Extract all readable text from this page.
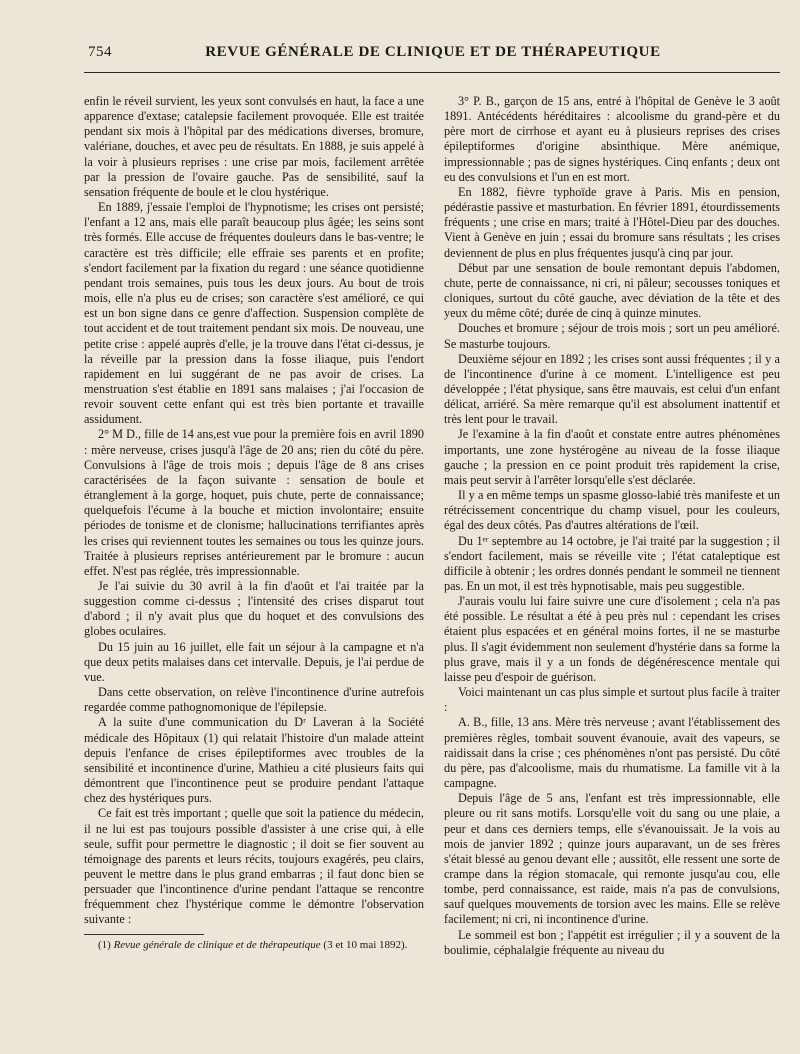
754	REVUE GÉNÉRALE DE CLINIQUE ET DE THÉRAPEUTIQUE

enfin le réveil survient, les yeux sont convulsés en haut, la face a une apparence d'extase; catalepsie facilement provoquée. Elle est traitée pendant six mois à l'hôpital par des médications diverses, bromure, valériane, douches, et avec peu de résultats. En 1888, je suis appelé à la voir à plusieurs reprises : une crise par mois, facilement arrêtée par la pression de l'ovaire gauche. Pas de sensibilité, sauf la sensation fréquente de boule et le clou hystérique.

En 1889, j'essaie l'emploi de l'hypnotisme; les crises ont persisté; l'enfant a 12 ans, mais elle paraît beaucoup plus âgée; les seins sont très formés. Elle accuse de fréquentes douleurs dans le bas-ventre; le caractère est très difficile; elle effraie ses parents et en profite; s'endort facilement par la fixation du regard : une séance quotidienne pendant trois semaines, puis tous les deux jours. Au bout de trois mois, elle n'a plus eu de crises; son caractère s'est amélioré, ce qui est un bon signe dans ce genre d'affection. Suspension complète de tout accident et de tout traitement pendant six mois. De nouveau, une petite crise : appelé auprès d'elle, je la trouve dans l'état ci-dessus, je la réveille par la pression dans la fosse iliaque, puis l'endort rapidement en lui suggérant de ne pas avoir de crises. La menstruation s'est établie en 1891 sans malaises ; j'ai l'occasion de revoir souvent cette enfant qui est très bien portante et travaille assidument.

2° M D., fille de 14 ans,est vue pour la première fois en avril 1890 : mère nerveuse, crises jusqu'à l'âge de 20 ans; rien du côté du père. Convulsions à l'âge de trois mois ; depuis l'âge de 8 ans crises caractérisées de la façon suivante : sensation de boule et étranglement à la gorge, hoquet, puis chute, perte de connaissance; quelquefois l'écume à la bouche et miction involontaire; ensuite périodes de tonisme et de clonisme; hallucinations terrifiantes après les crises qui reviennent toutes les semaines ou tous les quinze jours. Traitée à plusieurs reprises antérieurement par le bromure : aucun effet. N'est pas réglée, très impressionnable.

Je l'ai suivie du 30 avril à la fin d'août et l'ai traitée par la suggestion comme ci-dessus ; l'intensité des crises disparut tout d'abord ; il n'y avait plus que du hoquet et des convulsions des globes oculaires.

Du 15 juin au 16 juillet, elle fait un séjour à la campagne et n'a que deux petits malaises dans cet intervalle. Depuis, je l'ai perdue de vue.

Dans cette observation, on relève l'incontinence d'urine autrefois regardée comme pathognomonique de l'épilepsie.

A la suite d'une communication du Dʳ Laveran à la Société médicale des Hôpitaux (1) qui relatait l'histoire d'un malade atteint depuis l'enfance de crises épileptiformes avec troubles de la sensibilité et incontinence d'urine, Mathieu a cité plusieurs faits qui démontrent que l'incontinence peut se produire pendant l'attaque chez des hystériques purs.

Ce fait est très important ; quelle que soit la patience du médecin, il ne lui est pas toujours possible d'assister à une crise qui, à elle seule, suffit pour permettre le diagnostic ; il doit se fier souvent au témoignage des parents et leurs récits, toujours exagérés, peu clairs, peuvent le mettre dans le plus grand embarras ; il faut donc bien se persuader que l'incontinence d'urine pendant l'attaque se rencontre fréquemment chez l'hystérique comme le démontre l'observation suivante :

(1) Revue générale de clinique et de thérapeutique (3 et 10 mai 1892).

3° P. B., garçon de 15 ans, entré à l'hôpital de Genève le 3 août 1891. Antécédents héréditaires : alcoolisme du grand-père et du père mort de cirrhose et ayant eu à plusieurs reprises des crises épileptiformes d'origine absinthique. Mère anémique, impressionnable ; pas de signes hystériques. Cinq enfants ; deux ont eu des convulsions et l'un en est mort.

En 1882, fièvre typhoïde grave à Paris. Mis en pension, pédérastie passive et masturbation. En février 1891, étourdissements fréquents ; une crise en mars; traité à l'Hôtel-Dieu par des douches. Vient à Genève en juin ; essai du bromure sans résultats ; les crises deviennent de plus en plus fréquentes jusqu'à cinq par jour.

Début par une sensation de boule remontant depuis l'abdomen, chute, perte de connaissance, ni cri, ni pâleur; secousses toniques et cloniques, surtout du côté gauche, avec déviation de la tête et des yeux du même côté; durée de cinq à quinze minutes.

Douches et bromure ; séjour de trois mois ; sort un peu amélioré. Se masturbe toujours.

Deuxième séjour en 1892 ; les crises sont aussi fréquentes ; il y a de l'incontinence d'urine à ce moment. L'intelligence est peu développée ; l'état physique, sans être mauvais, est celui d'un enfant délicat, arriéré. Sa mère remarque qu'il est absolument inattentif et très lent pour le travail.

Je l'examine à la fin d'août et constate entre autres phénomènes importants, une zone hystérogène au niveau de la fosse iliaque gauche ; la pression en ce point produit très rapidement la crise, mais peut servir à l'arrêter lorsqu'elle s'est déclarée.

Il y a en même temps un spasme glosso-labié très manifeste et un rétrécissement concentrique du champ visuel, pour les couleurs, égal des deux côtés. Pas d'autres altérations de l'œil.

Du 1ᵉʳ septembre au 14 octobre, je l'ai traité par la suggestion ; il s'endort facilement, mais se réveille vite ; l'état cataleptique est difficile à obtenir ; les ordres donnés pendant le sommeil ne tiennent pas. En un mot, il est très hypnotisable, mais peu suggestible.

J'aurais voulu lui faire suivre une cure d'isolement ; cela n'a pas été possible. Le résultat a été à peu près nul : cependant les crises étaient plus espacées et en général moins fortes, il ne se masturbe plus. Il s'agit évidemment non seulement d'hystérie dans sa forme la plus grave, mais il y a un fonds de dégénérescence mentale qui laisse peu d'espoir de guérison.

Voici maintenant un cas plus simple et surtout plus facile à traiter :

A. B., fille, 13 ans. Mère très nerveuse ; avant l'établissement des premières règles, tombait souvent évanouie, avait des vapeurs, se raidissait dans la crise ; ces phénomènes n'ont pas persisté. Du côté du père, pas d'alcoolisme, mais du rhumatisme. La famille vit à la campagne.

Depuis l'âge de 5 ans, l'enfant est très impressionnable, elle pleure ou rit sans motifs. Lorsqu'elle voit du sang ou une plaie, a peur et dans ces derniers temps, elle s'évanouissait. Je la vois au mois de janvier 1892 ; quinze jours auparavant, un de ses frères s'était blessé au genou devant elle ; aussitôt, elle ressent une sorte de crampe dans la région stomacale, qui remonte jusqu'au cou, elle tombe, perd connaissance, est raide, mais n'a pas de convulsions, sauf quelques mouvements de torsion avec les mains. Elle se relève facilement; ni cri, ni incontinence d'urine.

Le sommeil est bon ; l'appétit est irrégulier ; il y a souvent de la boulimie, céphalalgie fréquente au niveau du
